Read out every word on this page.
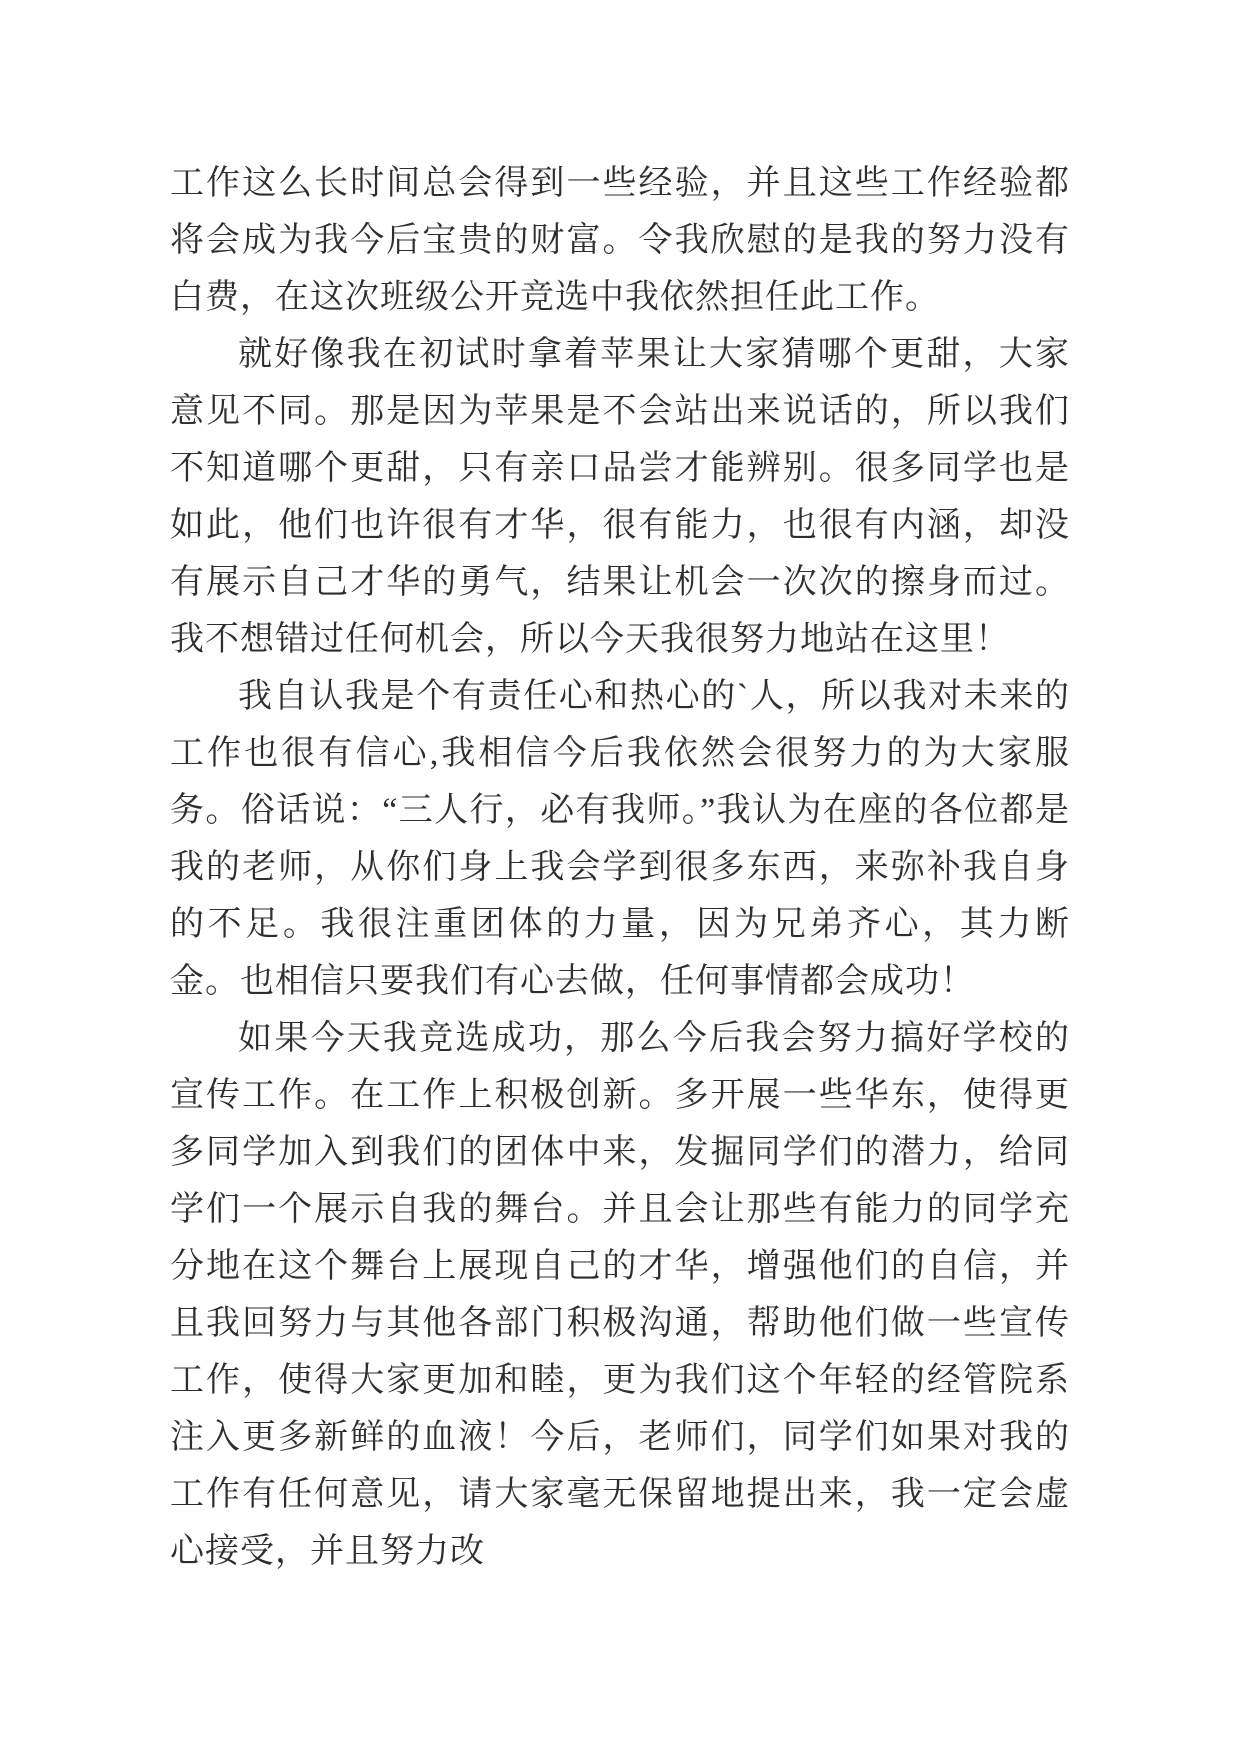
工作这么长时间总会得到一些经验，并且这些工作经验都将会成为我今后宝贵的财富。令我欣慰的是我的努力没有白费，在这次班级公开竞选中我依然担任此工作。

就好像我在初试时拿着苹果让大家猜哪个更甜，大家意见不同。那是因为苹果是不会站出来说话的，所以我们不知道哪个更甜，只有亲口品尝才能辨别。很多同学也是如此，他们也许很有才华，很有能力，也很有内涵，却没有展示自己才华的勇气，结果让机会一次次的擦身而过。我不想错过任何机会，所以今天我很努力地站在这里！

我自认我是个有责任心和热心的`人，所以我对未来的工作也很有信心,我相信今后我依然会很努力的为大家服务。俗话说：“三人行，必有我师。”我认为在座的各位都是我的老师，从你们身上我会学到很多东西，来弥补我自身的不足。我很注重团体的力量，因为兄弟齐心，其力断金。也相信只要我们有心去做，任何事情都会成功！

如果今天我竞选成功，那么今后我会努力搞好学校的宣传工作。在工作上积极创新。多开展一些华东，使得更多同学加入到我们的团体中来，发掘同学们的潜力，给同学们一个展示自我的舞台。并且会让那些有能力的同学充分地在这个舞台上展现自己的才华，增强他们的自信，并且我回努力与其他各部门积极沟通，帮助他们做一些宣传工作，使得大家更加和睦，更为我们这个年轻的经管院系注入更多新鲜的血液！今后，老师们，同学们如果对我的工作有任何意见，请大家毫无保留地提出来，我一定会虚心接受，并且努力改
